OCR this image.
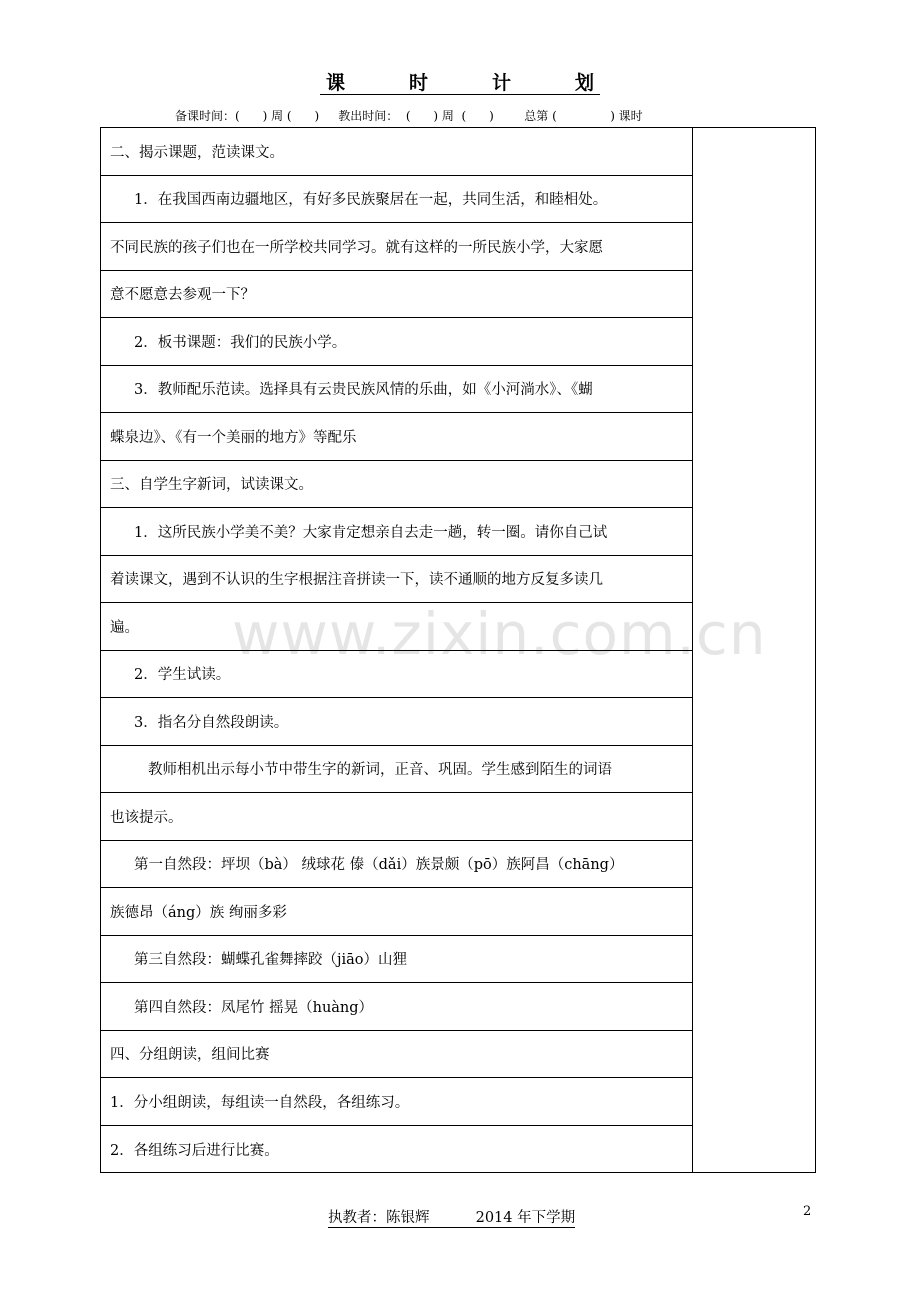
课 时 计 划
备课时间：(      ) 周 (      )     教出时间：  (      ) 周  (      )        总第 (              ) 课时
二、揭示课题，范读课文。
1．在我国西南边疆地区，有好多民族聚居在一起，共同生活，和睦相处。
不同民族的孩子们也在一所学校共同学习。就有这样的一所民族小学，大家愿
意不愿意去参观一下？
2．板书课题：我们的民族小学。
3．教师配乐范读。选择具有云贵民族风情的乐曲，如《小河淌水》、《蝴
蝶泉边》、《有一个美丽的地方》等配乐
三、自学生字新词，试读课文。
1．这所民族小学美不美？大家肯定想亲自去走一趟，转一圈。请你自己试
着读课文，遇到不认识的生字根据注音拼读一下，读不通顺的地方反复多读几
遍。
2．学生试读。
3．指名分自然段朗读。
教师相机出示每小节中带生字的新词，正音、巩固。学生感到陌生的词语
也该提示。
第一自然段：坪坝（bà） 绒球花 傣（dǎi）族景颇（pō）族阿昌（chāng）
族德昂（áng）族 绚丽多彩
第三自然段：蝴蝶孔雀舞摔跤（jiāo）山狸
第四自然段：凤尾竹 摇晃（huàng）
四、分组朗读，组间比赛
1．分小组朗读，每组读一自然段，各组练习。
2．各组练习后进行比赛。
www.zixin.com.cn
执教者：陈银辉          2014 年下学期	2
